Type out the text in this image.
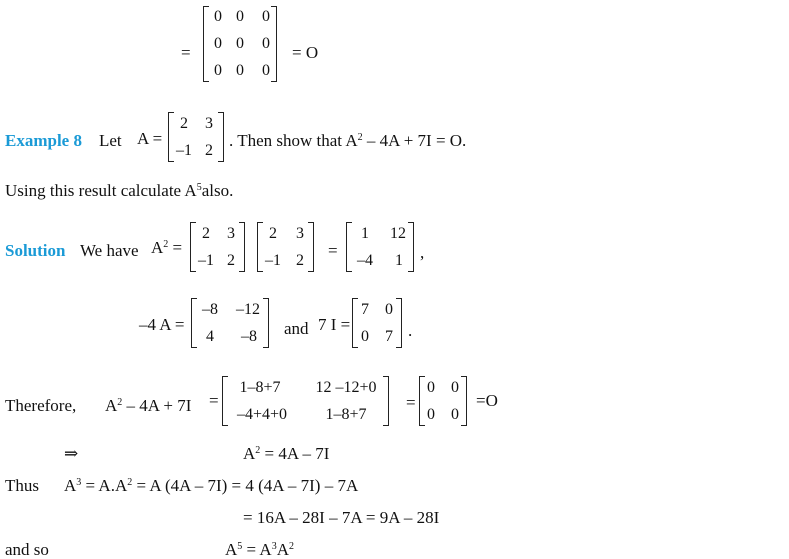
=
0 0	0
0 0	0
0 0	0
= O
Example 8 Let A =
2	3
–1 2
. Then show that $A^2 - 4A + 7I = O$.
Using this result calculate $A^5also$.
Solution We have $A^2$ =
2	3
–1 2
2	3
–1 2
=
1	12
–4	1	,
–4 A =
–8	–12
4	–8	and 7 I =
7	0
0	7 .
Therefore, $A^2 - 4A + 7I$ =
1–8+7	12 –12+0
–4+4+0	1–8+7
=
0	0
0	0
=O
⇒	$A^2 = 4A - 7I$
Thus $A^3 = A.A^2 = A$ (4A – 7I) = 4 (4A – 7I) – 7A
= 16A – 28I – 7A = 9A – 28I
and so	$A^5 = A^3A^2$
